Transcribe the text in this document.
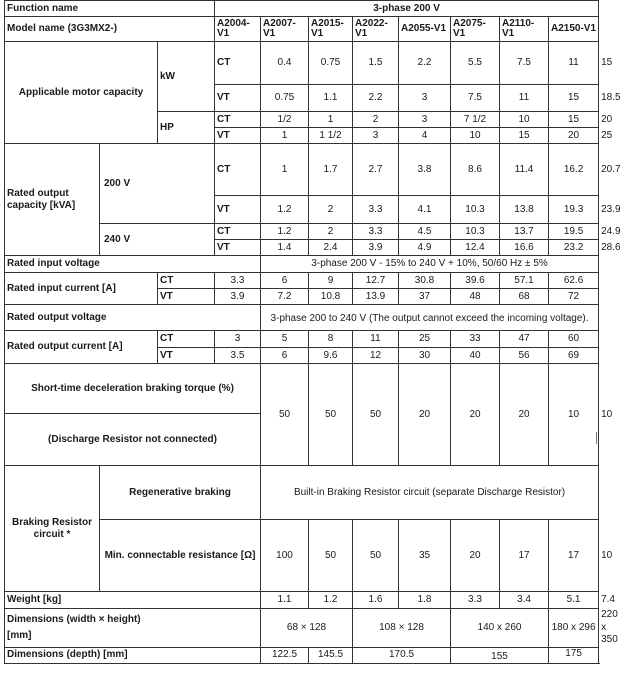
Function name			3-phase 200 V								
Model name (3G3MX2-)			A2004-V1	A2007-V1	A2015-V1	A2022-V1	A2055-V1	A2075-V1	A2110-V1	A2150-V1	
Applicable motor capacity		kW	CT	0.4	0.75	1.5	2.2	5.5	7.5	11	15
			VT	0.75	1.1	2.2	3	7.5	11	15	18.5
		HP	CT	1/2	1	2	3	7 1/2	10	15	20
			VT	1	1 1/2	3	4	10	15	20	25
Rated output capacity [kVA]	200 V		CT	1	1.7	2.7	3.8	8.6	11.4	16.2	20.7
			VT	1.2	2	3.3	4.1	10.3	13.8	19.3	23.9
	240 V		CT	1.2	2	3.3	4.5	10.3	13.7	19.5	24.9
			VT	1.4	2.4	3.9	4.9	12.4	16.6	23.2	28.6
Rated input voltage				3-phase 200 V - 15% to 240 V + 10%, 50/60 Hz ± 5%							
Rated input current [A]		CT	3.3	6	9	12.7	30.8	39.6	57.1	62.6	
		VT	3.9	7.2	10.8	13.9	37	48	68	72	
Rated output voltage				3-phase 200 to 240 V (The output cannot exceed the incoming voltage).							
Rated output current [A]		CT	3	5	8	11	25	33	47	60	
		VT	3.5	6	9.6	12	30	40	56	69	
Short-time deceleration braking torque (%)				50	50	50	20	20	20	10	10
(Discharge Resistor not connected)											
Braking Resistor circuit *	Regenerative braking			Built-in Braking Resistor circuit (separate Discharge Resistor)							
	Min. connectable resistance [Ω]			100	50	50	35	20	17	17	10
Weight [kg]				1.1	1.2	1.6	1.8	3.3	3.4	5.1	7.4

Dimensions (width × height)
[mm]				68 × 128		108 × 128		140 x 260		180 x 296	220 x 350
Dimensions (depth) [mm]				122.5	145.5	170.5		155		175	
